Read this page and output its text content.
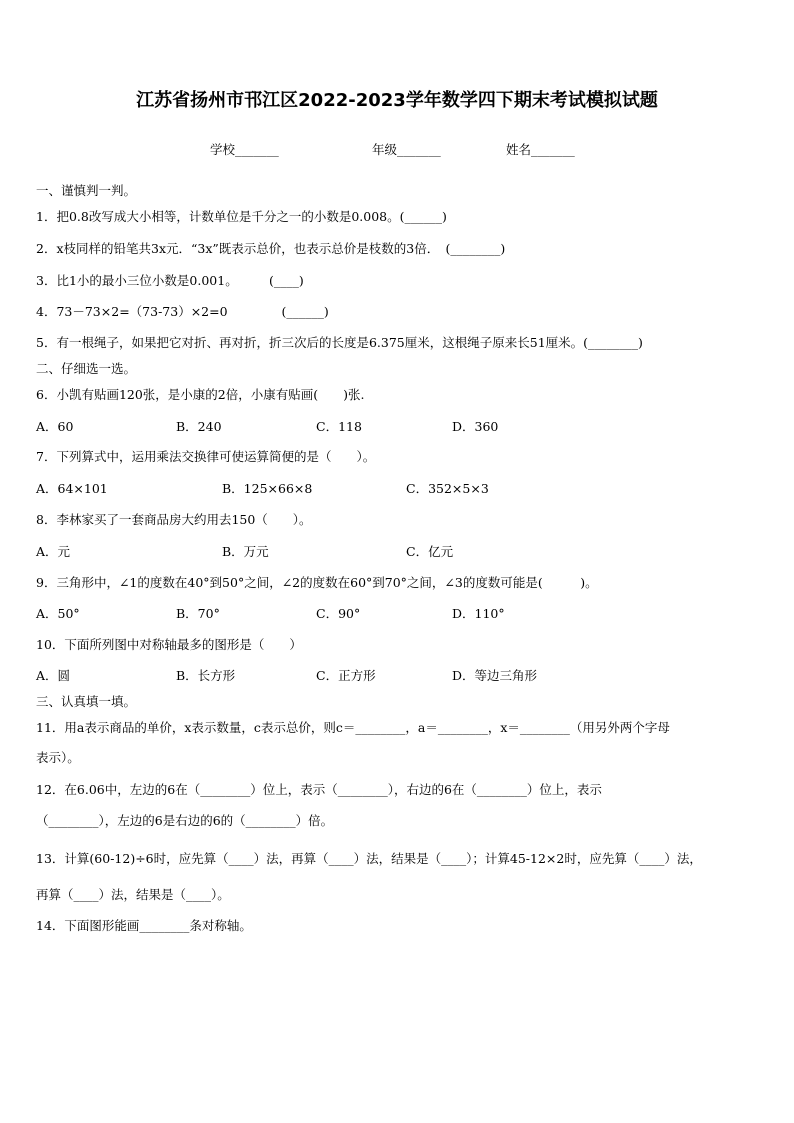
江苏省扬州市邗江区2022-2023学年数学四下期末考试模拟试题
学校_______	年级_______	姓名_______
一、谨慎判一判。
1．把0.8改写成大小相等，计数单位是千分之一的小数是0.008。(______)
2．x枝同样的铅笔共3x元．“3x”既表示总价，也表示总价是枝数的3倍．　(________)
3．比1小的最小三位小数是0.001。　　　(____)
4．73－73×2=（73-73）×2=0　　　　 (______)
5．有一根绳子，如果把它对折、再对折，折三次后的长度是6.375厘米，这根绳子原来长51厘米。(________)
二、仔细选一选。
6．小凯有贴画120张，是小康的2倍，小康有贴画(　　)张.
A．60	B．240	C．118	D．360
7．下列算式中，运用乘法交换律可使运算简便的是（　　）。
A．64×101	B．125×66×8	C．352×5×3
8．李林家买了一套商品房大约用去150（　　）。
A．元	B．万元	C．亿元
9．三角形中，∠1的度数在40°到50°之间，∠2的度数在60°到70°之间，∠3的度数可能是(　　　)。
A．50°	B．70°	C．90°	D．110°
10．下面所列图中对称轴最多的图形是（　　）
A．圆	B．长方形	C．正方形	D．等边三角形
三、认真填一填。
11．用a表示商品的单价，x表示数量，c表示总价，则c＝________，a＝________，x＝________（用另外两个字母
表示）。
12．在6.06中，左边的6在（________）位上，表示（________），右边的6在（________）位上，表示
（________），左边的6是右边的6的（________）倍。
13．计算(60-12)÷6时，应先算（____）法，再算（____）法，结果是（____）；计算45-12×2时，应先算（____）法，
再算（____）法，结果是（____）。
14．下面图形能画________条对称轴。
